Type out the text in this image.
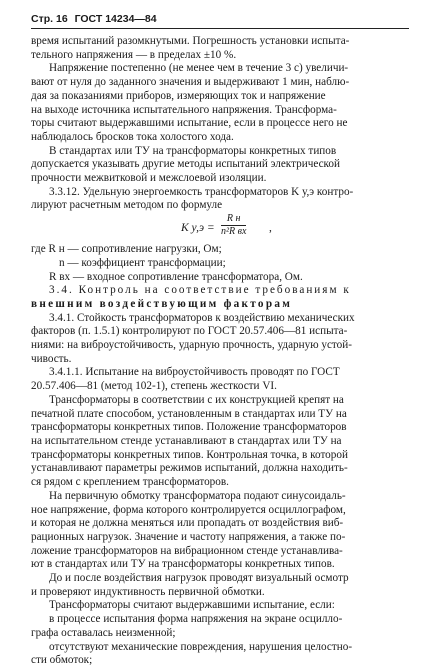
Стр. 16 ГОСТ 14234—84

время испытаний разомкнутыми. Погрешность установки испыта-

тельного напряжения — в пределах ±10 %.

Напряжение постепенно (не менее чем в течение 3 с) увеличи-

вают от нуля до заданного значения и выдерживают 1 мин, наблю-

дая за показаниями приборов, измеряющих ток и напряжение

на выходе источника испытательного напряжения. Трансформа-

торы считают выдержавшими испытание, если в процессе него не

наблюдалось бросков тока холостого хода.

В стандартах или ТУ на трансформаторы конкретных типов

допускается указывать другие методы испытаний электрической

прочности межвитковой и межслоевой изоляции.

3.3.12. Удельную энергоемкость трансформаторов K у,э контро-

лируют расчетным методом по формуле

K у,э =
R н
n²R вх ,

где R н — сопротивление нагрузки, Ом;

n — коэффициент трансформации;

R вх — входное сопротивление трансформатора, Ом.

3.4. Контроль на соответствие требованиям к

внешним воздействующим факторам

3.4.1. Стойкость трансформаторов к воздействию механических

факторов (п. 1.5.1) контролируют по ГОСТ 20.57.406—81 испыта-

ниями: на виброустойчивость, ударную прочность, ударную устой-

чивость.

3.4.1.1. Испытание на виброустойчивость проводят по ГОСТ

20.57.406—81 (метод 102-1), степень жесткости VI.

Трансформаторы в соответствии с их конструкцией крепят на

печатной плате способом, установленным в стандартах или ТУ на

трансформаторы конкретных типов. Положение трансформаторов

на испытательном стенде устанавливают в стандартах или ТУ на

трансформаторы конкретных типов. Контрольная точка, в которой

устанавливают параметры режимов испытаний, должна находить-

ся рядом с креплением трансформаторов.

На первичную обмотку трансформатора подают синусоидаль-

ное напряжение, форма которого контролируется осциллографом,

и которая не должна меняться или пропадать от воздействия виб-

рационных нагрузок. Значение и частоту напряжения, а также по-

ложение трансформаторов на вибрационном стенде устанавлива-

ют в стандартах или ТУ на трансформаторы конкретных типов.

До и после воздействия нагрузок проводят визуальный осмотр

и проверяют индуктивность первичной обмотки.

Трансформаторы считают выдержавшими испытание, если:

в процессе испытания форма напряжения на экране осцилло-

графа оставалась неизменной;

отсутствуют механические повреждения, нарушения целостно-

сти обмоток;
